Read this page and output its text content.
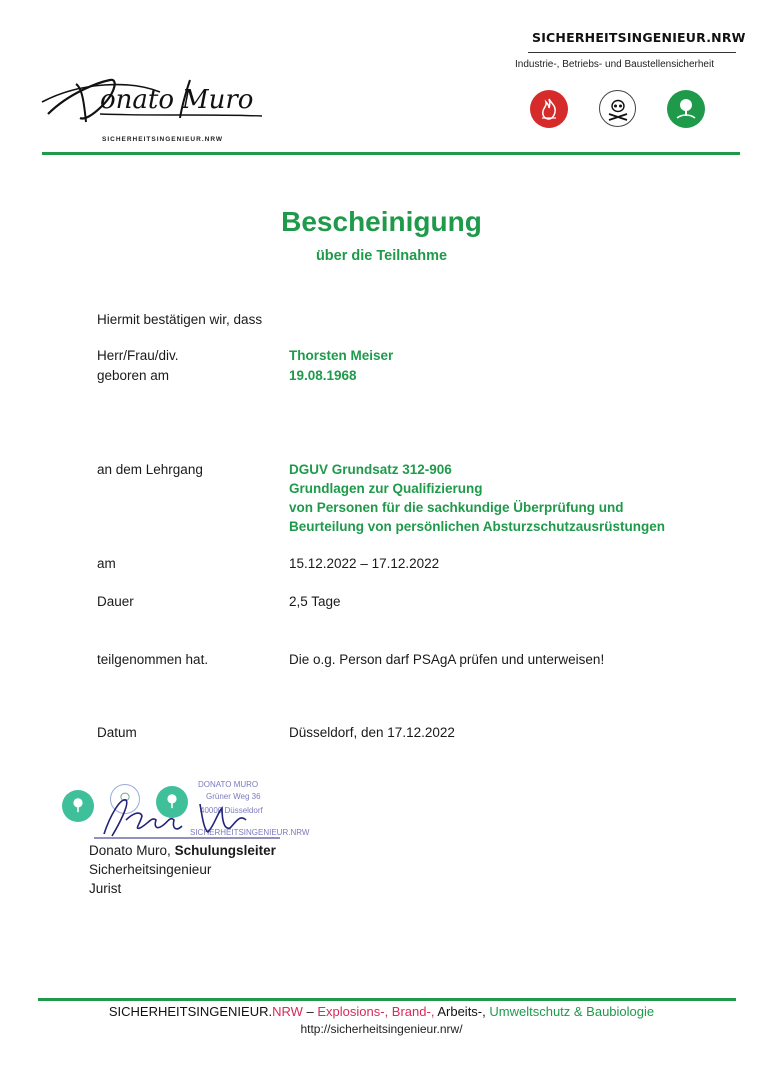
onato Muro
SICHERHEITSINGENIEUR.NRW
SICHERHEITSINGENIEUR.NRW
Industrie-, Betriebs- und Baustellensicherheit
Bescheinigung
über die Teilnahme
Hiermit bestätigen wir, dass
Herr/Frau/div.	Thorsten Meiser
geboren am	19.08.1968
an dem Lehrgang	DGUV Grundsatz 312-906
Grundlagen zur Qualifizierung
von Personen für die sachkundige Überprüfung und
Beurteilung von persönlichen Absturzschutzausrüstungen
am	15.12.2022 – 17.12.2022
Dauer	2,5 Tage
teilgenommen hat.	Die o.g. Person darf PSAgA prüfen und unterweisen!
Datum	Düsseldorf, den 17.12.2022
DONATO MURO
Grüner Weg 36
40000 Düsseldorf
SICHERHEITSINGENIEUR.NRW
Donato Muro, Schulungsleiter
Sicherheitsingenieur
Jurist
SICHERHEITSINGENIEUR.NRW – Explosions-, Brand-, Arbeits-, Umweltschutz & Baubiologie
http://sicherheitsingenieur.nrw/
